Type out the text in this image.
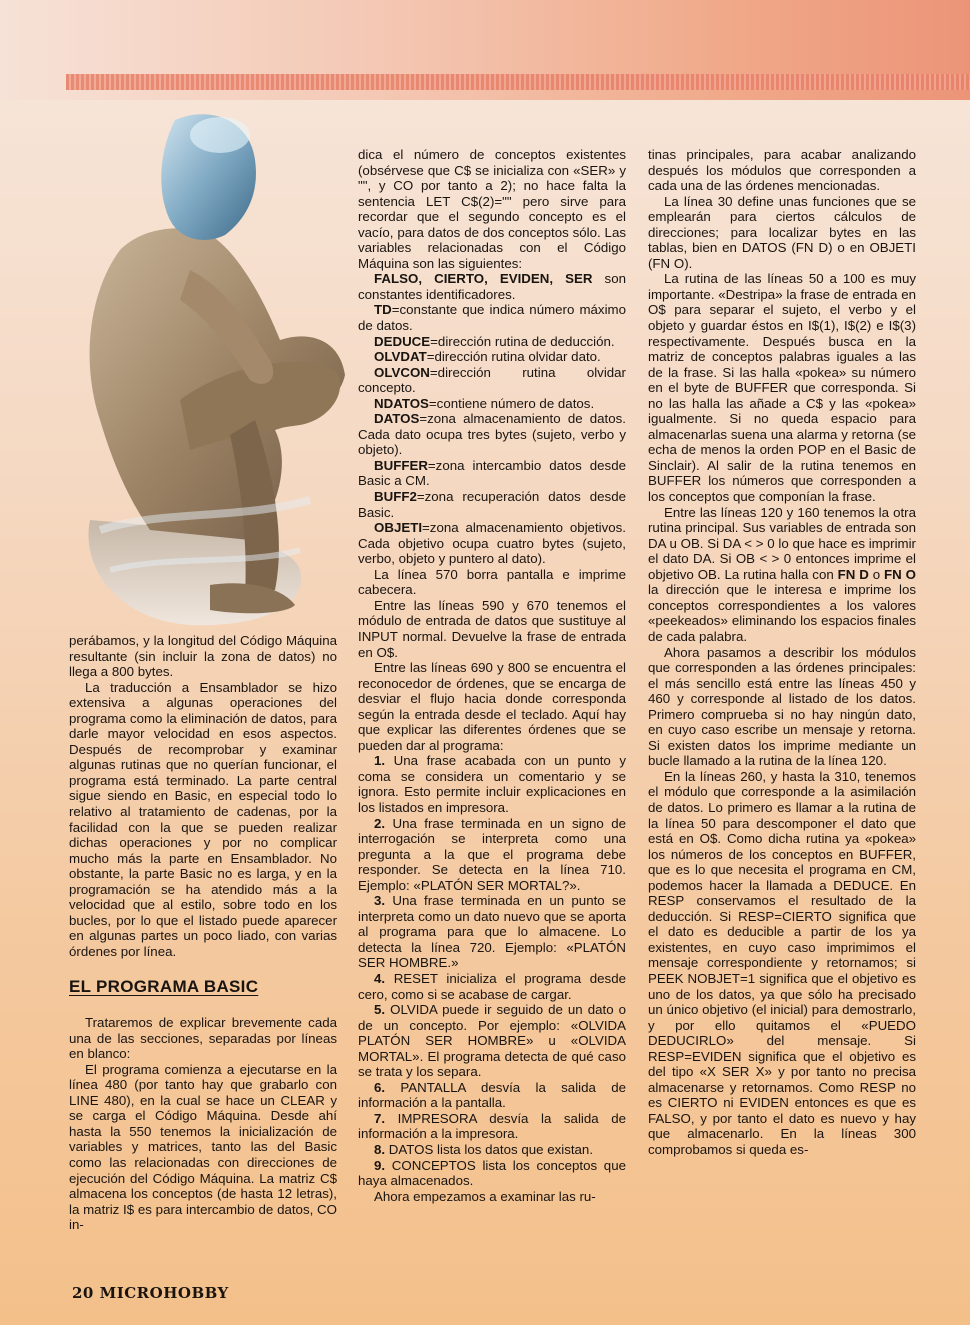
perábamos, y la longitud del Código Máquina resultante (sin incluir la zona de datos) no llega a 800 bytes.

La traducción a Ensamblador se hizo extensiva a algunas operaciones del programa como la eliminación de datos, para darle mayor velocidad en esos aspectos. Después de recomprobar y examinar algunas rutinas que no querían funcionar, el programa está terminado. La parte central sigue siendo en Basic, en especial todo lo relativo al tratamiento de cadenas, por la facilidad con la que se pueden realizar dichas operaciones y por no complicar mucho más la parte en Ensamblador. No obstante, la parte Basic no es larga, y en la programación se ha atendido más a la velocidad que al estilo, sobre todo en los bucles, por lo que el listado puede aparecer en algunas partes un poco liado, con varias órdenes por línea.

EL PROGRAMA BASIC

Trataremos de explicar brevemente cada una de las secciones, separadas por líneas en blanco:

El programa comienza a ejecutarse en la línea 480 (por tanto hay que grabarlo con LINE 480), en la cual se hace un CLEAR y se carga el Código Máquina. Desde ahí hasta la 550 tenemos la inicialización de variables y matrices, tanto las del Basic como las relacionadas con direcciones de ejecución del Código Máquina. La matriz C$ almacena los conceptos (de hasta 12 letras), la matriz I$ es para intercambio de datos, CO in-

dica el número de conceptos existentes (obsérvese que C$ se inicializa con «SER» y "", y CO por tanto a 2); no hace falta la sentencia LET C$(2)="" pero sirve para recordar que el segundo concepto es el vacío, para datos de dos conceptos sólo. Las variables relacionadas con el Código Máquina son las siguientes:

FALSO, CIERTO, EVIDEN, SER son constantes identificadores.

TD=constante que indica número máximo de datos.

DEDUCE=dirección rutina de deducción.

OLVDAT=dirección rutina olvidar dato.

OLVCON=dirección rutina olvidar concepto.

NDATOS=contiene número de datos.

DATOS=zona almacenamiento de datos. Cada dato ocupa tres bytes (sujeto, verbo y objeto).

BUFFER=zona intercambio datos desde Basic a CM.

BUFF2=zona recuperación datos desde Basic.

OBJETI=zona almacenamiento objetivos. Cada objetivo ocupa cuatro bytes (sujeto, verbo, objeto y puntero al dato).

La línea 570 borra pantalla e imprime cabecera.

Entre las líneas 590 y 670 tenemos el módulo de entrada de datos que sustituye al INPUT normal. Devuelve la frase de entrada en O$.

Entre las líneas 690 y 800 se encuentra el reconocedor de órdenes, que se encarga de desviar el flujo hacia donde corresponda según la entrada desde el teclado. Aquí hay que explicar las diferentes órdenes que se pueden dar al programa:

1. Una frase acabada con un punto y coma se considera un comentario y se ignora. Esto permite incluir explicaciones en los listados en impresora.

2. Una frase terminada en un signo de interrogación se interpreta como una pregunta a la que el programa debe responder. Se detecta en la línea 710. Ejemplo: «PLATÓN SER MORTAL?».

3. Una frase terminada en un punto se interpreta como un dato nuevo que se aporta al programa para que lo almacene. Lo detecta la línea 720. Ejemplo: «PLATÓN SER HOMBRE.»

4. RESET inicializa el programa desde cero, como si se acabase de cargar.

5. OLVIDA puede ir seguido de un dato o de un concepto. Por ejemplo: «OLVIDA PLATÓN SER HOMBRE» u «OLVIDA MORTAL». El programa detecta de qué caso se trata y los separa.

6. PANTALLA desvía la salida de información a la pantalla.

7. IMPRESORA desvía la salida de información a la impresora.

8. DATOS lista los datos que existan.

9. CONCEPTOS lista los conceptos que haya almacenados.

Ahora empezamos a examinar las ru-

tinas principales, para acabar analizando después los módulos que corresponden a cada una de las órdenes mencionadas.

La línea 30 define unas funciones que se emplearán para ciertos cálculos de direcciones; para localizar bytes en las tablas, bien en DATOS (FN D) o en OBJETI (FN O).

La rutina de las líneas 50 a 100 es muy importante. «Destripa» la frase de entrada en O$ para separar el sujeto, el verbo y el objeto y guardar éstos en I$(1), I$(2) e I$(3) respectivamente. Después busca en la matriz de conceptos palabras iguales a las de la frase. Si las halla «pokea» su número en el byte de BUFFER que corresponda. Si no las halla las añade a C$ y las «pokea» igualmente. Si no queda espacio para almacenarlas suena una alarma y retorna (se echa de menos la orden POP en el Basic de Sinclair). Al salir de la rutina tenemos en BUFFER los números que corresponden a los conceptos que componían la frase.

Entre las líneas 120 y 160 tenemos la otra rutina principal. Sus variables de entrada son DA u OB. Si DA < > 0 lo que hace es imprimir el dato DA. Si OB < > 0 entonces imprime el objetivo OB. La rutina halla con FN D o FN O la dirección que le interesa e imprime los conceptos correspondientes a los valores «peekeados» eliminando los espacios finales de cada palabra.

Ahora pasamos a describir los módulos que corresponden a las órdenes principales: el más sencillo está entre las líneas 450 y 460 y corresponde al listado de los datos. Primero comprueba si no hay ningún dato, en cuyo caso escribe un mensaje y retorna. Si existen datos los imprime mediante un bucle llamado a la rutina de la línea 120.

En la líneas 260, y hasta la 310, tenemos el módulo que corresponde a la asimilación de datos. Lo primero es llamar a la rutina de la línea 50 para descomponer el dato que está en O$. Como dicha rutina ya «pokea» los números de los conceptos en BUFFER, que es lo que necesita el programa en CM, podemos hacer la llamada a DEDUCE. En RESP conservamos el resultado de la deducción. Si RESP=CIERTO significa que el dato es deducible a partir de los ya existentes, en cuyo caso imprimimos el mensaje correspondiente y retornamos; si PEEK NOBJET=1 significa que el objetivo es uno de los datos, ya que sólo ha precisado un único objetivo (el inicial) para demostrarlo, y por ello quitamos el «PUEDO DEDUCIRLO» del mensaje. Si RESP=EVIDEN significa que el objetivo es del tipo «X SER X» y por tanto no precisa almacenarse y retornamos. Como RESP no es CIERTO ni EVIDEN entonces es que es FALSO, y por tanto el dato es nuevo y hay que almacenarlo. En la líneas 300 comprobamos si queda es-

20 MICROHOBBY
